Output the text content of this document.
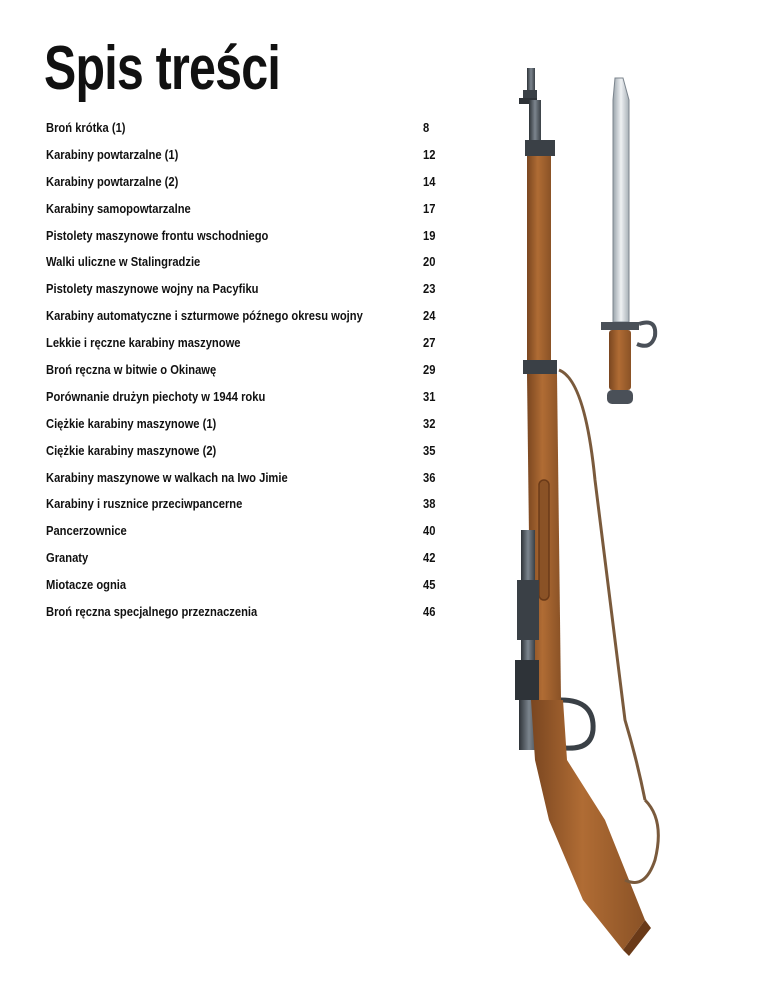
Spis treści
Broń krótka (1)	8
Karabiny powtarzalne (1)	12
Karabiny powtarzalne (2)	14
Karabiny samopowtarzalne	17
Pistolety maszynowe frontu wschodniego	19
Walki uliczne w Stalingradzie	20
Pistolety maszynowe wojny na Pacyfiku	23
Karabiny automatyczne i szturmowe późnego okresu wojny	24
Lekkie i ręczne karabiny maszynowe	27
Broń ręczna w bitwie o Okinawę	29
Porównanie drużyn piechoty w 1944 roku	31
Ciężkie karabiny maszynowe (1)	32
Ciężkie karabiny maszynowe (2)	35
Karabiny maszynowe w walkach na Iwo Jimie	36
Karabiny i rusznice przeciwpancerne	38
Pancerzownice	40
Granaty	42
Miotacze ognia	45
Broń ręczna specjalnego przeznaczenia	46
